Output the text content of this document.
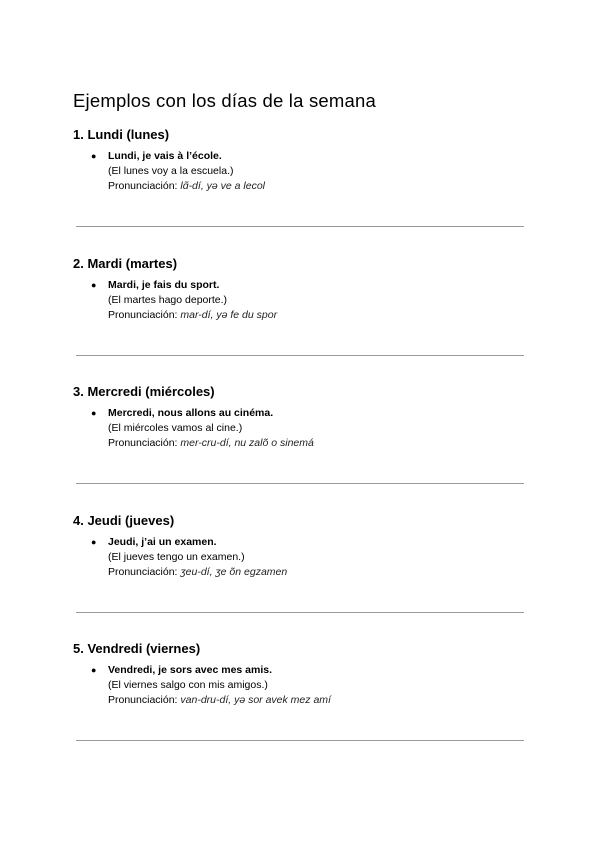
Ejemplos con los días de la semana
1. Lundi (lunes)
● Lundi, je vais à l’école.
(El lunes voy a la escuela.)
Pronunciación: lɑ̃-dí, yə ve a lecol
2. Mardi (martes)
● Mardi, je fais du sport.
(El martes hago deporte.)
Pronunciación: mar-dí, yə fe du spor
3. Mercredi (miércoles)
● Mercredi, nous allons au cinéma.
(El miércoles vamos al cine.)
Pronunciación: mer-cru-dí, nu zalõ o sinemá
4. Jeudi (jueves)
● Jeudi, j’ai un examen.
(El jueves tengo un examen.)
Pronunciación: ʒeu-dí, ʒe õn egzamen
5. Vendredi (viernes)
● Vendredi, je sors avec mes amis.
(El viernes salgo con mis amigos.)
Pronunciación: van-dru-dí, yə sor avek mez amí
